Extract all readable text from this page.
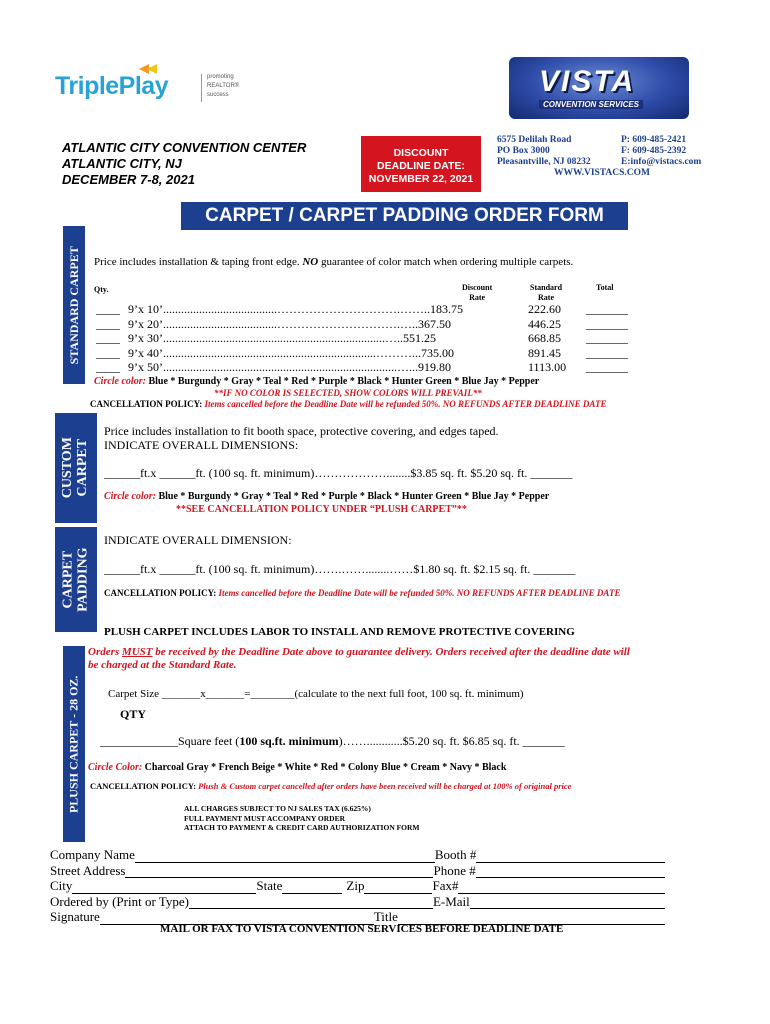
TriplePlay	promoting
REALTOR®
success	VISTA
CONVENTION SERVICES
ATLANTIC CITY CONVENTION CENTER
ATLANTIC CITY, NJ
DECEMBER 7-8, 2021
DISCOUNT
DEADLINE DATE:
NOVEMBER 22, 2021
6575 Delilah Road	P: 609-485-2421
PO Box 3000	F: 609-485-2392
Pleasantville, NJ 08232	E:info@vistacs.com
WWW.VISTACS.COM
CARPET / CARPET PADDING ORDER FORM
STANDARD CARPET Price includes installation & taping front edge. NO guarantee of color match when ordering multiple carpets.
Qty.	Discount
Rate
Standard
Rate
Total
____ 9’x 10’......................................………………………….……..183.75	222.60 _______
____ 9’x 20’......................................………………………….…..367.50	446.25 _______
____ 9’x 30’..........................................................................…..551.25	668.85 _______
____ 9’x 40’.......................................................................………...735.00	891.45 _______
____ 9’x 50’..............................................................................…...919.80	1113.00 _______
Circle color: Blue * Burgundy * Gray * Teal * Red * Purple * Black * Hunter Green * Blue Jay * Pepper
**IF NO COLOR IS SELECTED, SHOW COLORS WILL PREVAIL**
CANCELLATION POLICY: Items cancelled before the Deadline Date will be refunded 50%. NO REFUNDS AFTER DEADLINE DATE
CUSTOM CARPET
Price includes installation to fit booth space, protective covering, and edges taped.
INDICATE OVERALL DIMENSIONS:
______ft.x ______ft. (100 sq. ft. minimum)………………........$3.85 sq. ft. $5.20 sq. ft. _______
Circle color: Blue * Burgundy * Gray * Teal * Red * Purple * Black * Hunter Green * Blue Jay * Pepper
**SEE CANCELLATION POLICY UNDER “PLUSH CARPET”**
CARPET PADDING
INDICATE OVERALL DIMENSION:
______ft.x ______ft. (100 sq. ft. minimum)…….……........……$1.80 sq. ft. $2.15 sq. ft. _______
CANCELLATION POLICY: Items cancelled before the Deadline Date will be refunded 50%. NO REFUNDS AFTER DEADLINE DATE
PLUSH CARPET INCLUDES LABOR TO INSTALL AND REMOVE PROTECTIVE COVERING
PLUSH CARPET - 28 OZ.
Orders MUST be received by the Deadline Date above to guarantee delivery. Orders received after the deadline date will
be charged at the Standard Rate.
Carpet Size _______x_______=________(calculate to the next full foot, 100 sq. ft. minimum)
QTY
_____________Square feet (100 sq.ft. minimum)……............$5.20 sq. ft. $6.85 sq. ft. _______
Circle Color: Charcoal Gray * French Beige * White * Red * Colony Blue * Cream * Navy * Black
CANCELLATION POLICY: Plush & Custom carpet cancelled after orders have been received will be charged at 100% of original price
ALL CHARGES SUBJECT TO NJ SALES TAX (6.625%)
FULL PAYMENT MUST ACCOMPANY ORDER
ATTACH TO PAYMENT & CREDIT CARD AUTHORIZATION FORM
Company Name	Booth #
Street Address	Phone #
City	State	Zip	Fax#
Ordered by (Print or Type)	E-Mail
Signature	Title
MAIL OR FAX TO VISTA CONVENTION SERVICES BEFORE DEADLINE DATE
